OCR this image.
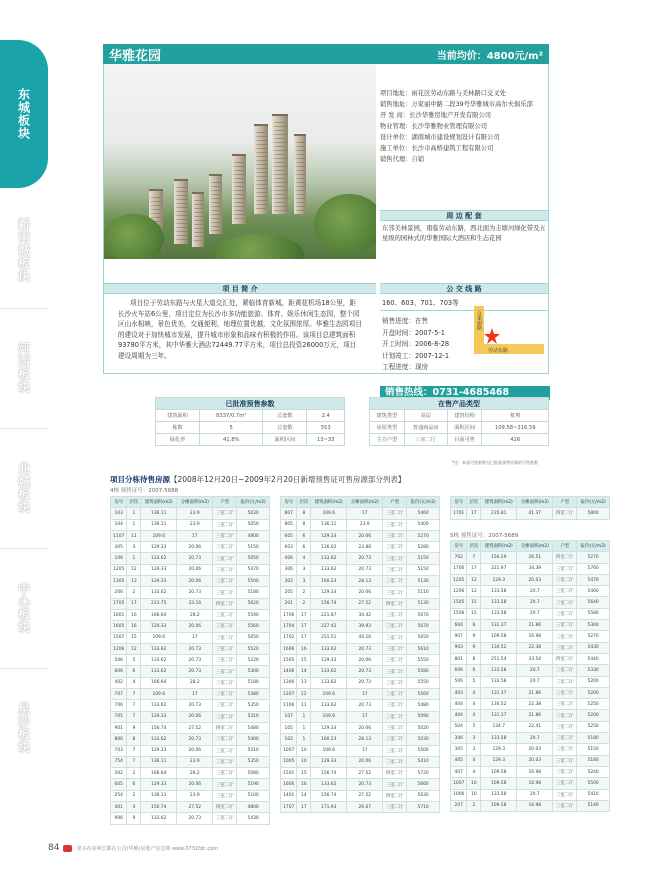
东城板块
新南城板块
河西板块
北城板块
中心板块
星沙板块
华雅花园	当前均价：4800元/m²
项目地址：雨花区劳动东路与美林路口交叉处
销售地址：万家丽中路二段39号华雅城市高尔夫俱乐部
开 发 商：长沙华雅房地产开发有限公司
物业管理：长沙华雅物业管理有限公司
设计单位：湖南城市建设规划设计有限公司
施工单位：长沙市高桥建筑工程有限公司
销售代理：自销
周 边 配 套

东邻美林景园，南临劳动东路，西北面为圭塘河绿化带及五星级的园林式的华雅国际大酒店和生态花园

项 目 简 介

项目位于劳动东路与火星大道交汇处，紧临体育新城，距黄花机场18公里，距长沙火车站6公里，项目定位为长沙市多功能旅游、体育、娱乐休闲生态园，整个园区山水相映，景色优美，交通便利，地理位置优越，文化氛围浓厚。华雅生态园项目的建设对于加快城市发展，提升城市形象和品味有积极的作用。该项目总建筑面积93780平方米，其中华雅大酒店72449.77平方米，项目总投资26000万元，项目建设周期为三年。

公 交 线 路
160、603、701、703等
销售进度：在售
开盘时间：2007-5-1
开工时间：2006-8-28
计划竣工：2007-12-1
工程进度：现房
销售热线：0731-4685468
万家丽路
劳动东路
已批准预售参数			
建筑面积	8337/0.7m²	总套数	2.4
栋数	5	总套数	553
绿化率	41.8%	面积区间	13~33
在售产品类型			
建筑类型	高层	建筑结构	框剪
房屋类型	普通商品房	面积区间	109.58~316.59
主力户型	三室二厅	目前可售	426
*注：本表可售套数为已批准预售房源的可售套数
项目分栋待售房源【2008年12月20日~2009年2月20日新增预售证可售房源部分列表】
4栋 预售证号：2007-5688
5栋 预售证号：2007-5689
房号	层次	建筑面积(m2)	分摊面积(m2)	户型	报价(元/m2)
103	1	136.11	23.9	三室二厅	5030
104	1	136.11	23.9	三室二厅	5050
1107	11	109.6	17	三室二厅	4800
305	3	129.33	20.06	三室二厅	5150
106	1	133.62	20.73	三室二厅	5050
1205	12	129.33	20.06	三室二厅	5470
1305	13	129.33	20.06	三室二厅	5500
206	2	133.62	20.73	三室二厅	5180
1705	17	213.75	33.16	四室二厅	5620
1601	16	166.64	28.2	三室二厅	5590
1605	16	129.33	20.06	三室二厅	5560
1507	15	109.6	17	三室二厅	5650
1206	12	133.62	20.73	三室二厅	5520
506	5	133.62	20.73	三室二厅	5220
606	6	133.62	20.73	三室二厅	5300
402	4	166.64	28.2	三室二厅	5180
707	7	109.6	17	三室二厅	5380
706	7	133.62	20.73	三室二厅	5350
705	7	129.33	20.06	三室二厅	5310
901	9	156.74	27.52	四室二厅	5480
806	8	133.62	20.73	三室二厅	5400
703	7	129.33	20.06	三室二厅	5310
754	7	136.11	23.9	三室二厅	5350
202	2	166.64	28.2	三室二厅	5080
605	6	129.33	20.06	三室二厅	5190
254	2	136.11	23.9	三室二厅	5100
401	4	156.74	27.52	四室二厅	4800
906	9	133.62	20.73	三室二厅	5430
房号	层次	建筑面积(m2)	分摊面积(m2)	户型	报价(元/m2)
807	8	109.6	17	三室二厅	5460
805	8	136.11	23.9	三室二厅	5400
605	6	129.33	20.06	三室二厅	5270
603	6	136.02	23.88	三室二厅	5280
406	4	133.62	20.73	三室二厅	5150
306	3	133.62	20.73	三室二厅	5150
302	3	160.23	28.13	三室二厅	5130
205	2	129.33	20.06	三室二厅	5110
201	2	156.74	27.52	四室二厅	5130
1706	17	221.87	34.42	三室二厅	5670
1704	17	227.42	39.93	三室二厅	5670
1702	17	251.51	44.16	三室二厅	5650
1606	16	133.62	20.73	三室二厅	5610
1505	15	129.33	20.06	三室二厅	5550
1406	14	133.62	20.73	三室二厅	5580
1306	13	133.62	20.73	三室二厅	5550
1207	12	109.6	17	三室二厅	5560
1106	11	133.62	20.73	三室二厅	5480
107	1	109.6	17	三室二厅	5090
105	1	129.33	20.06	三室二厅	5020
102	1	160.23	28.13	三室二厅	5030
1007	10	109.6	17	三室二厅	5500
1005	10	129.33	20.06	三室二厅	5410
1501	15	156.74	27.52	四室二厅	5720
1606	16	133.62	20.73	三室二厅	5660
1401	14	156.74	27.52	四室二厅	5630
1707	17	171.93	26.67	三室二厅	5710
房号	层次	建筑面积(m2)	分摊面积(m2)	户型	报价(元/m2)
1701	17	235.81	41.37	四室二厅	5800
房号	层次	建筑面积(m2)	分摊面积(m2)	户型	报价(元/m2)
702	7	156.29	26.51	四室二厅	5270
1706	17	221.97	34.39	三室二厅	5760
1205	12	129.3	20.03	三室二厅	5470
1206	12	133.58	20.7	三室二厅	5460
1505	15	133.58	20.7	三室二厅	5640
1506	15	133.58	20.7	三室二厅	5580
604	6	131.37	21.86	三室二厅	5300
907	9	109.58	16.98	三室二厅	5270
903	9	134.52	22.38	三室二厅	5430
801	8	251.54	33.54	四室二厅	5440
606	6	133.58	20.7	三室二厅	5330
506	5	133.58	20.7	三室二厅	5200
403	4	131.37	21.86	三室二厅	5200
404	4	134.52	22.38	三室二厅	5250
404	4	131.37	21.86	三室二厅	5200
504	5	134.7	22.41	三室二厅	5250
306	3	133.58	20.7	三室二厅	5180
305	3	129.3	20.03	三室二厅	5150
405	4	129.3	20.03	三室二厅	5180
407	4	109.58	16.98	三室二厅	5240
1007	10	109.58	16.98	三室二厅	5500
1006	10	133.58	20.7	三室二厅	5410
207	2	109.58	16.98	三室二厅	5140
84	要买在房网长都在公司(华雅)房地产信息网 www.0731fdc.com
